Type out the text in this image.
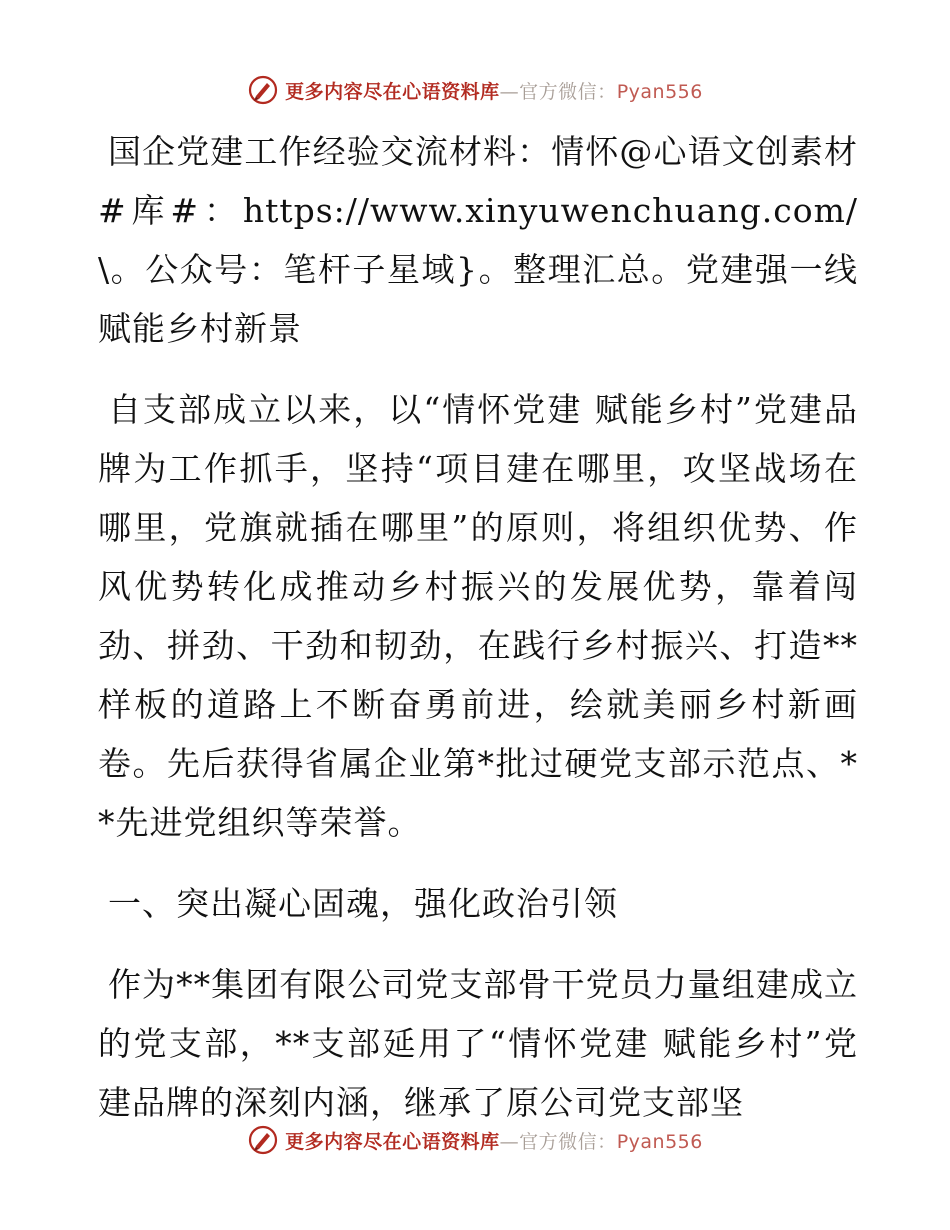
更多内容尽在心语资料库—官方微信：Pyan556

国企党建工作经验交流材料：情怀@心语文创素材#库#：https://www.xinyuwenchuang.com/\。公众号：笔杆子星域}。整理汇总。党建强一线 赋能乡村新景

自支部成立以来，以“情怀党建 赋能乡村”党建品牌为工作抓手，坚持“项目建在哪里，攻坚战场在哪里，党旗就插在哪里”的原则，将组织优势、作风优势转化成推动乡村振兴的发展优势，靠着闯劲、拼劲、干劲和韧劲，在践行乡村振兴、打造**样板的道路上不断奋勇前进，绘就美丽乡村新画卷。先后获得省属企业第*批过硬党支部示范点、**先进党组织等荣誉。

一、突出凝心固魂，强化政治引领

作为**集团有限公司党支部骨干党员力量组建成立的党支部，**支部延用了“情怀党建 赋能乡村”党建品牌的深刻内涵，继承了原公司党支部坚

更多内容尽在心语资料库—官方微信：Pyan556
